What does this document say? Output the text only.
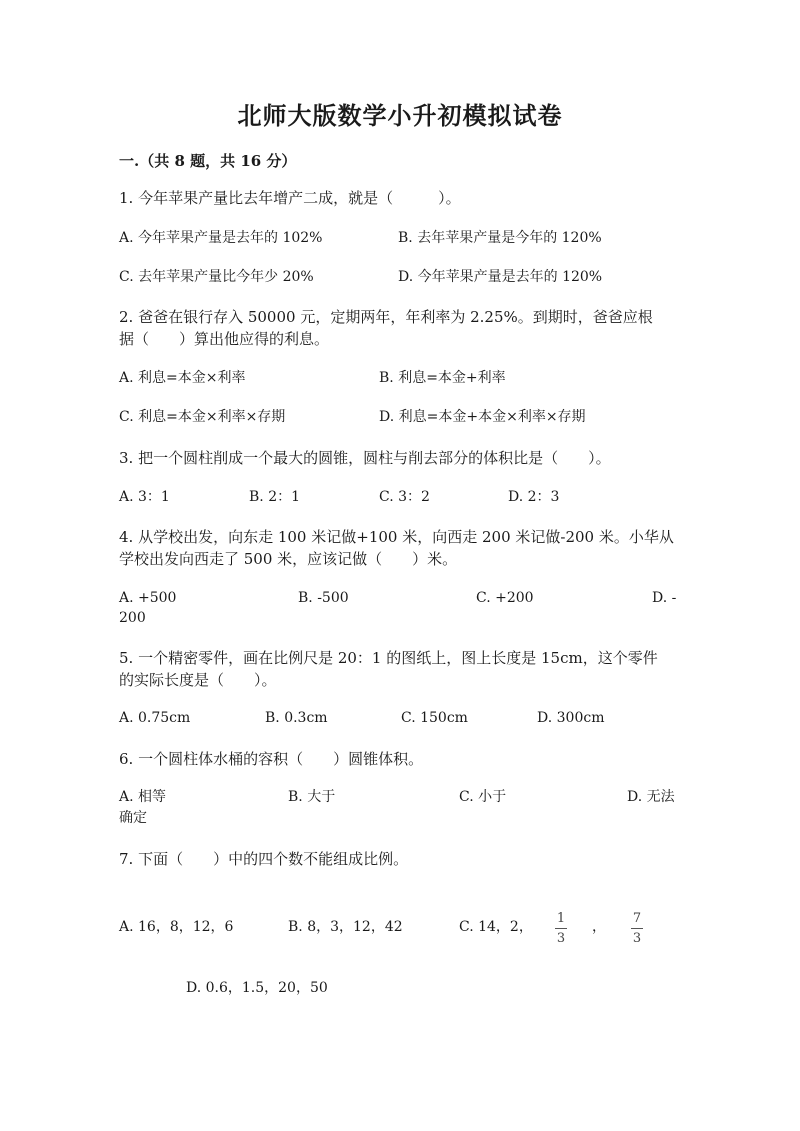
北师大版数学小升初模拟试卷
一.（共 8 题，共 16 分）
1. 今年苹果产量比去年增产二成，就是（　　　）。
A. 今年苹果产量是去年的 102%	B. 去年苹果产量是今年的 120%
C. 去年苹果产量比今年少 20%	D. 今年苹果产量是去年的 120%
2. 爸爸在银行存入 50000 元，定期两年，年利率为 2.25%。到期时，爸爸应根
据（　　）算出他应得的利息。
A. 利息=本金×利率	B. 利息=本金+利率
C. 利息=本金×利率×存期	D. 利息=本金+本金×利率×存期
3. 把一个圆柱削成一个最大的圆锥，圆柱与削去部分的体积比是（　　）。
A. 3：1	B. 2：1	C. 3：2	D. 2：3
4. 从学校出发，向东走 100 米记做+100 米，向西走 200 米记做-200 米。小华从
学校出发向西走了 500 米，应该记做（　　）米。
A. +500	B. -500	C. +200	D. -
200
5. 一个精密零件，画在比例尺是 20：1 的图纸上，图上长度是 15cm，这个零件
的实际长度是（　　）。
A. 0.75cm	B. 0.3cm	C. 150cm	D. 300cm
6. 一个圆柱体水桶的容积（　　）圆锥体积。
A. 相等	B. 大于	C. 小于	D. 无法
确定
7. 下面（　　）中的四个数不能组成比例。
A. 16，8，12，6	B. 8，3，12，42	C. 14，2，
1
3
，
7
3
D. 0.6，1.5，20，50
